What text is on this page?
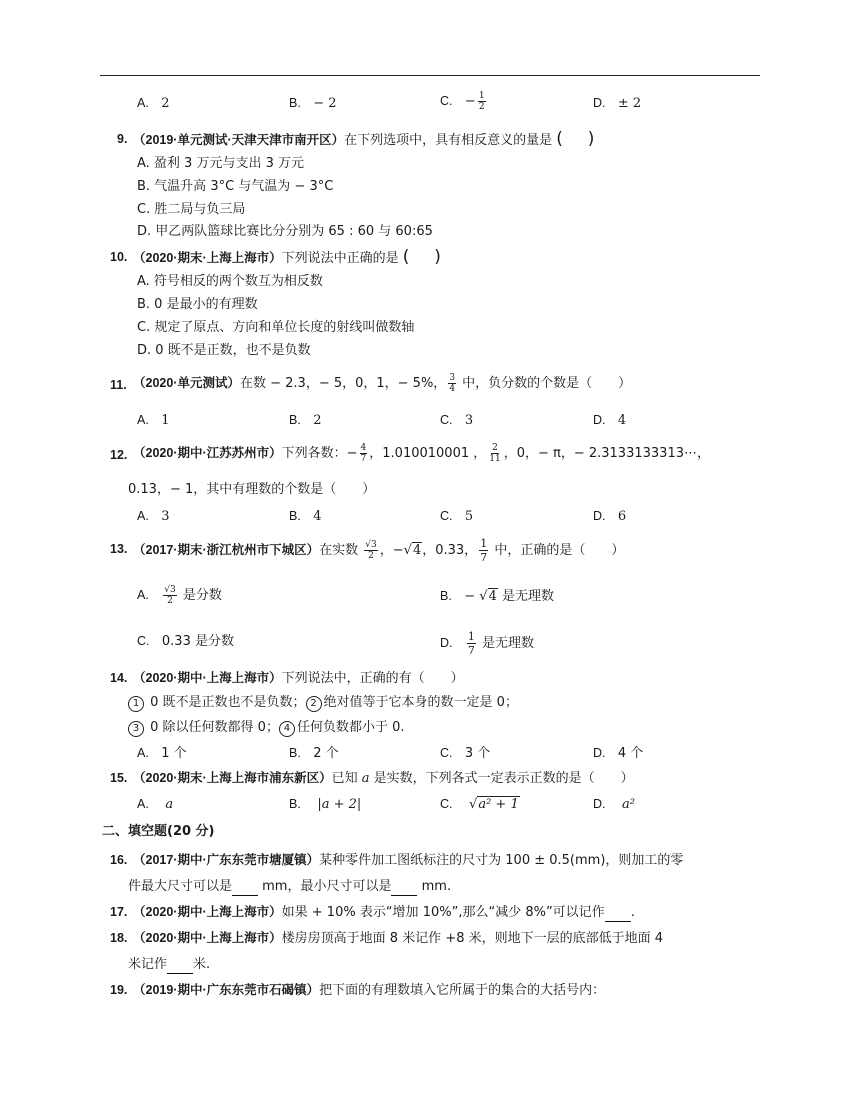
A. 2	B. − 2	C. − $\frac{1}{2}$	D. ± 2
9. （2019·单元测试·天津天津市南开区）在下列选项中，具有相反意义的量是 ( )
A. 盈利 3 万元与支出 3 万元
B. 气温升高 3°C 与气温为 − 3°C
C. 胜二局与负三局
D. 甲乙两队篮球比赛比分分别为 65 : 60 与 60:65
10. （2020·期末·上海上海市）下列说法中正确的是 ( )
A. 符号相反的两个数互为相反数
B. 0 是最小的有理数
C. 规定了原点、方向和单位长度的射线叫做数轴
D. 0 既不是正数，也不是负数
11. （2020·单元测试）在数 − 2.3，− 5，0，1，− 5%， $\frac{3}{4}$ 中，负分数的个数是（　　）
A. 1	B. 2	C. 3	D. 4
12. （2020·期中·江苏苏州市）下列各数：− $\frac{4}{7}$ ，1.010010001 ， $\frac{2}{11}$ ，0，− π，− 2.3133133313⋯，
0.13，− 1，其中有理数的个数是（　　）
A. 3	B. 4	C. 5	D. 6
13. （2017·期末·浙江杭州市下城区）在实数 $\frac{√3}{2}$ ，−√4，0.33， $\frac{1}{7}$ 中，正确的是（　　）
A. $\frac{√3}{2}$ 是分数	B. − √4 是无理数
C. 0.33 是分数	D. $\frac{1}{7}$ 是无理数
14. （2020·期中·上海上海市）下列说法中，正确的有（　　）
1 0 既不是正数也不是负数； 2 绝对值等于它本身的数一定是 0；
3 0 除以任何数都得 0； 4 任何负数都小于 0.
A. 1 个	B. 2 个	C. 3 个	D. 4 个
15. （2020·期末·上海上海市浦东新区）已知 a 是实数，下列各式一定表示正数的是（　　）
A. a	B. |a + 2|	C. √a² + 1	D. a²
二、填空题(20 分)
16. （2017·期中·广东东莞市塘厦镇）某种零件加工图纸标注的尺寸为 100 ± 0.5(mm)，则加工的零
件最大尺寸可以是 mm，最小尺寸可以是 mm.
17. （2020·期中·上海上海市）如果 + 10% 表示“增加 10%”,那么“减少 8%”可以记作 .
18. （2020·期中·上海上海市）楼房房顶高于地面 8 米记作 +8 米，则地下一层的底部低于地面 4
米记作 米.
19. （2019·期中·广东东莞市石碣镇）把下面的有理数填入它所属于的集合的大括号内：
